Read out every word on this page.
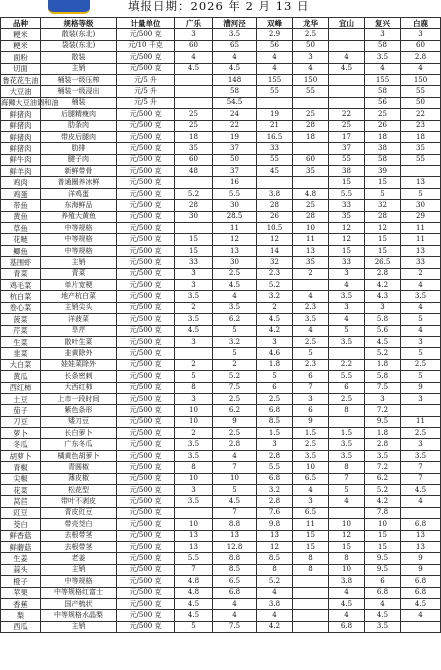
填报日期：2026 年 2 月 13 日
品种	规格等级	计量单位	广乐	漕河泾	双峰	龙华	宜山	复兴	白鹿
粳米	散装(东北)	元/500 克	3	3.5	2.9	2.5		3	3
粳米	袋装(东北)	元/10 千克	60	65	56	50		58	60
面粉	散装	元/500 克	4	4	4	3	4	3.5	2.8
切面	主销	元/500 克	4.5	4.5	4	4	4.5	4	4
鲁花花生油	桶装一级压榨	元/5 升		148	155	150		155	150
大豆油	桶装一级浸出	元/5 升		58	55	55		58	55
海狮大豆油调和油	桶装	元/5 升		54.5				56	50
鲜猪肉	后腿精瘦肉	元/500 克	25	24	19	25	22	25	22
鲜猪肉	肋条肉	元/500 克	25	22	21	28	25	26	23
鲜猪肉	带皮后腿肉	元/500 克	18	19	16.5	18	17	18	18
鲜猪肉	肋排	元/500 克	35	37	33		37	38	35
鲜牛肉	腱子肉	元/500 克	60	50	55	60	55	58	55
鲜羊肉	新鲜带骨	元/500 克	48	37	45	35	38	39	
鸡肉	普通圈养冰鲜	元/500 克		16			15	15	13
鸡蛋	洋鸡蛋	元/500 克	5.2	5.5	3.8	4.8	5.5	5	5
带鱼	东海鲜品	元/500 克	28	30	28	25	33	32	30
黄鱼	养殖大黄鱼	元/500 克	30	28.5	26	28	35	28	29
草鱼	中等规格	元/500 克		11	10.5	10	12	12	11
花鲢	中等规格	元/500 克	15	12	12	11	12	15	11
鲫鱼	中等规格	元/500 克	15	13	14	13	15	15	13
基围虾	主销	元/500 克	33	30	32	35	33	26.5	33
青菜	青菜	元/500 克	3	2.5	2.3	2	3	2.8	2
鸡毛菜	单片宽梗	元/500 克	3	4.5	5.2		4	4.2	4
杭白菜	地产杭白菜	元/500 克	3.5	4	3.2	4	3.5	4.3	3.5
卷心菜	主销尖头	元/500 克	2	3.5	2	2.3	3	3	4
菠菜	洋菠菜	元/500 克	3.5	6.2	4.5	3.5	4	5.8	5
芹菜	旱芹	元/500 克	4.5	5	4.2	4	5	5.6	4
生菜	散叶生菜	元/500 克	3	3.2	3	2.5	3.5	4.5	3
韭菜	韭黄除外	元/500 克		5	4.6	5		5.2	5
大白菜	娃娃菜除外	元/500 克	2	2	1.8	2.3	2.2	1.8	2.5
黄瓜	长条密刺	元/500 克	5	5.2	5	6	5.5	5.8	5
西红柿	大西红柿	元/500 克	8	7.5	6	7	6	7.5	9
土豆	上市一段时间	元/500 克	3	2.5	2.5	3	2.5	3	3
茄子	紫色条形	元/500 克	10	6.2	6.8	6	8	7.2	
刀豆	矮刀豆	元/500 克	10	9	8.5	9		9.5	11
萝卜	长白萝卜	元/500 克	2	2.5	1.5	1.5	1.5	1.8	2.5
冬瓜	广东冬瓜	元/500 克	3.5	2.8	3	2.5	3.5	2.8	3
胡萝卜	橘黄色胡萝卜	元/500 克	3.5	4	2.8	3.5	3.5	3.5	3.5
青椒	青圆椒	元/500 克	8	7	5.5	10	8	7.2	7
尖椒	薄皮椒	元/500 克	10	10	6.8	6.5	7	6.2	7
花菜	松花型	元/500 克	3	5	3.2	4	5	5.2	4.5
莴苣	带叶不剥皮	元/500 克	3.5	4.5	2.8	3	4	4.2	4
豇豆	青皮豇豆	元/500 克		7	7.6	6.5		7.8	
茭白	带壳茭白	元/500 克	10	8.8	9.8	11	10	10	6.8
鲜香菇	去根带茎	元/500 克	13	13	13	15	12	15	13
鲜蘑菇	去根带茎	元/500 克	13	12.8	12	15	15	15	13
生姜	老姜	元/500 克	5.5	8.8	8.5	8	8	9.5	9
蒜头	主销	元/500 克	7	8.5	8	8	10	9.5	9
橙子	中等规格	元/500 克	4.8	6.5	5.2		3.8	6	6.8
苹果	中等规格红富士	元/500 克	4.8	6.8	4		4	6.8	6.8
香蕉	国产梳状	元/500 克	4.5	4	3.8		4.5	4	4.5
梨	中等规格水晶梨	元/500 克	4.5	4	4		4	4.5	4
西瓜	主销	元/500 克	5	7.5	4.2		6.8	3.5	
